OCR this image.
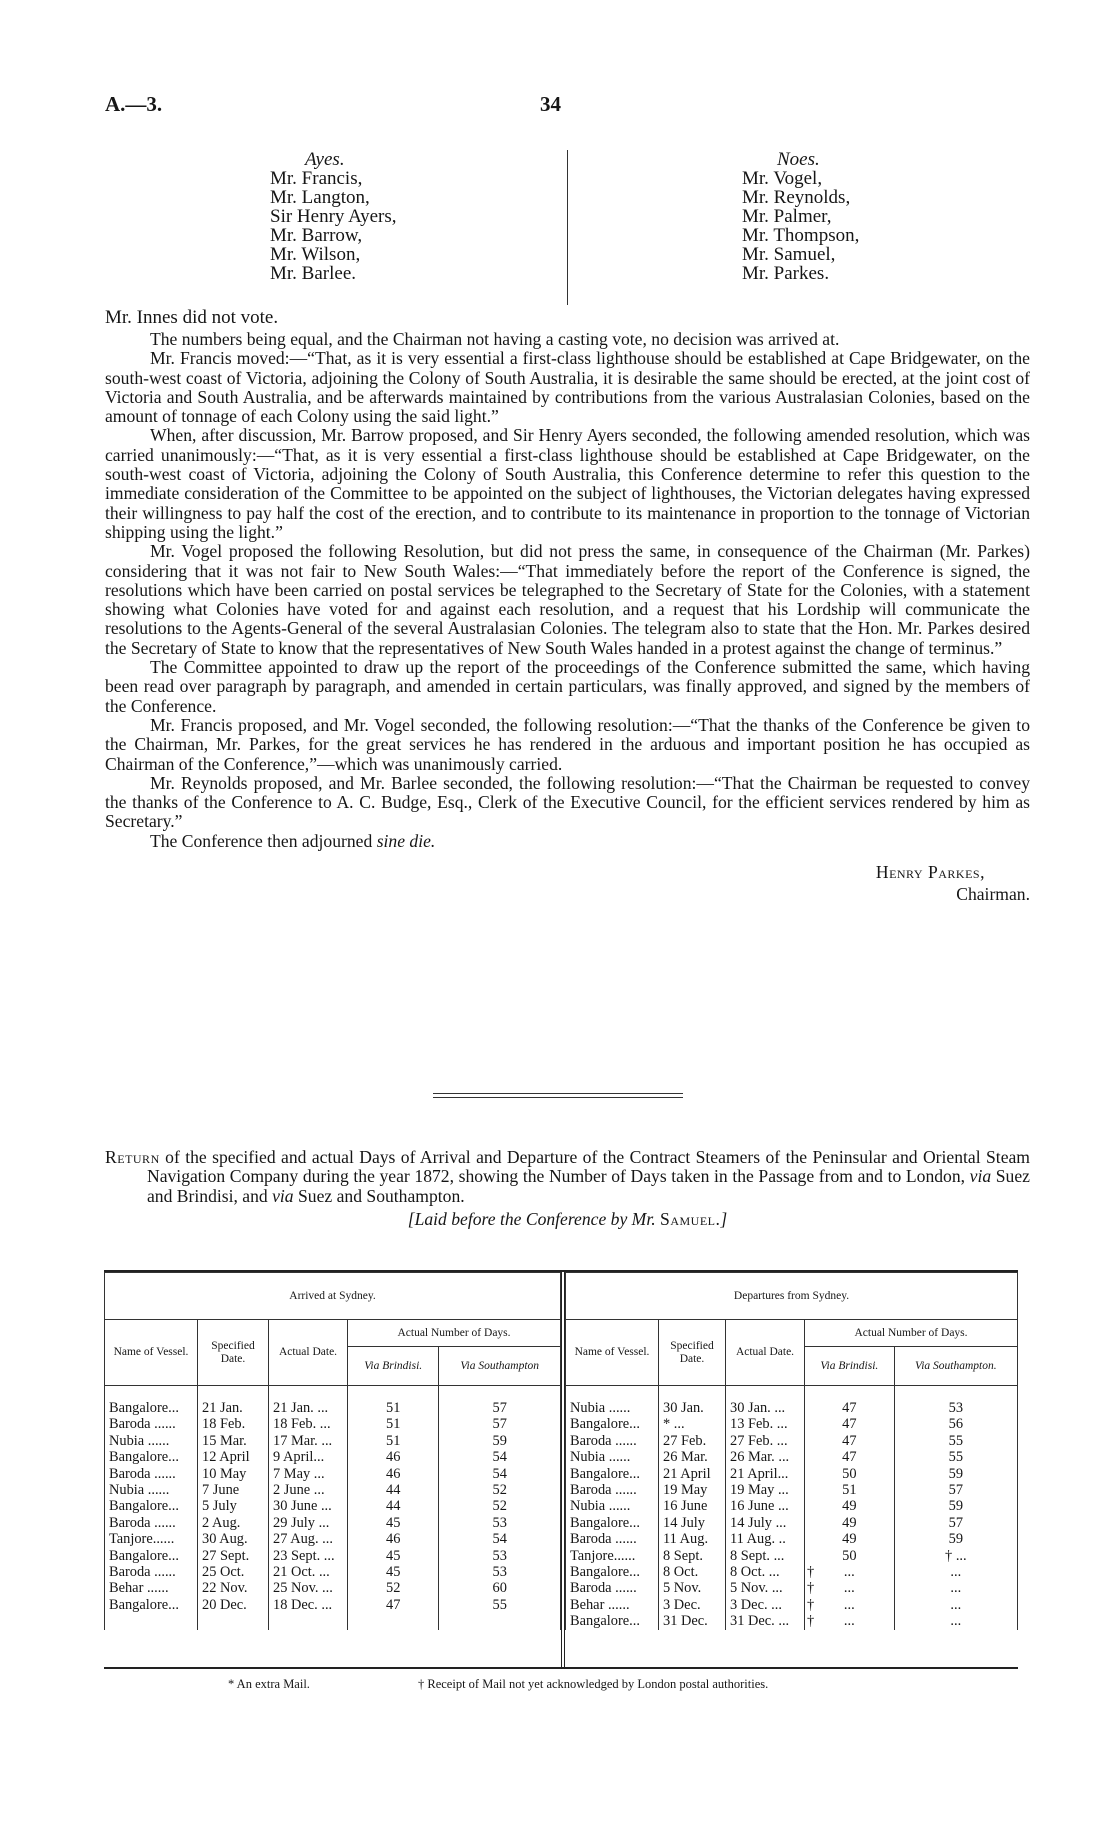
A.—3.	34
Ayes.
Mr. Francis,
Mr. Langton,
Sir Henry Ayers,
Mr. Barrow,
Mr. Wilson,
Mr. Barlee.
Noes.
Mr. Vogel,
Mr. Reynolds,
Mr. Palmer,
Mr. Thompson,
Mr. Samuel,
Mr. Parkes.
Mr. Innes did not vote.

The numbers being equal, and the Chairman not having a casting vote, no decision was arrived at.

Mr. Francis moved:—“That, as it is very essential a first-class lighthouse should be established at Cape Bridgewater, on the south-west coast of Victoria, adjoining the Colony of South Australia, it is desirable the same should be erected, at the joint cost of Victoria and South Australia, and be afterwards maintained by contributions from the various Australasian Colonies, based on the amount of tonnage of each Colony using the said light.”

When, after discussion, Mr. Barrow proposed, and Sir Henry Ayers seconded, the following amended resolution, which was carried unanimously:—“That, as it is very essential a first-class lighthouse should be established at Cape Bridgewater, on the south-west coast of Victoria, adjoining the Colony of South Australia, this Conference determine to refer this question to the immediate consideration of the Committee to be appointed on the subject of lighthouses, the Victorian delegates having expressed their willingness to pay half the cost of the erection, and to contribute to its maintenance in proportion to the tonnage of Victorian shipping using the light.”

Mr. Vogel proposed the following Resolution, but did not press the same, in consequence of the Chairman (Mr. Parkes) considering that it was not fair to New South Wales:—“That immediately before the report of the Conference is signed, the resolutions which have been carried on postal services be telegraphed to the Secretary of State for the Colonies, with a statement showing what Colonies have voted for and against each resolution, and a request that his Lordship will communicate the resolutions to the Agents-General of the several Australasian Colonies. The telegram also to state that the Hon. Mr. Parkes desired the Secretary of State to know that the representatives of New South Wales handed in a protest against the change of terminus.”

The Committee appointed to draw up the report of the proceedings of the Conference submitted the same, which having been read over paragraph by paragraph, and amended in certain particulars, was finally approved, and signed by the members of the Conference.

Mr. Francis proposed, and Mr. Vogel seconded, the following resolution:—“That the thanks of the Conference be given to the Chairman, Mr. Parkes, for the great services he has rendered in the arduous and important position he has occupied as Chairman of the Conference,”—which was unanimously carried.

Mr. Reynolds proposed, and Mr. Barlee seconded, the following resolution:—“That the Chairman be requested to convey the thanks of the Conference to A. C. Budge, Esq., Clerk of the Executive Council, for the efficient services rendered by him as Secretary.”

The Conference then adjourned sine die.

Henry Parkes,
Chairman.
Return of the specified and actual Days of Arrival and Departure of the Contract Steamers of the Peninsular and Oriental Steam Navigation Company during the year 1872, showing the Number of Days taken in the Passage from and to London, via Suez and Brindisi, and via Suez and Southampton.
[Laid before the Conference by Mr. Samuel.]
Arrived at Sydney.				
Name of Vessel.	Specified Date.	Actual Date.	Actual Number of Days.	
			Via Brindisi.	Via Southampton

Bangalore...	21 Jan.	21 Jan. ...	51	57
Baroda ......	18 Feb.	18 Feb. ...	51	57
Nubia ......	15 Mar.	17 Mar. ...	51	59
Bangalore...	12 April	9 April...	46	54
Baroda ......	10 May	7 May ...	46	54
Nubia ......	7 June	2 June ...	44	52
Bangalore...	5 July	30 June ...	44	52
Baroda ......	2 Aug.	29 July ...	45	53
Tanjore......	30 Aug.	27 Aug. ...	46	54
Bangalore...	27 Sept.	23 Sept. ...	45	53
Baroda ......	25 Oct.	21 Oct. ...	45	53
Behar ......	22 Nov.	25 Nov. ...	52	60
Bangalore...	20 Dec.	18 Dec. ...	47	55

Departures from Sydney.				
Name of Vessel.	Specified Date.	Actual Date.	Actual Number of Days.	
			Via Brindisi.	Via Southampton.

Nubia ......	30 Jan.	30 Jan. ...	47	53
Bangalore...	* ...	13 Feb. ...	47	56
Baroda ......	27 Feb.	27 Feb. ...	47	55
Nubia ......	26 Mar.	26 Mar. ...	47	55
Bangalore...	21 April	21 April...	50	59
Baroda ......	19 May	19 May ...	51	57
Nubia ......	16 June	16 June ...	49	59
Bangalore...	14 July	14 July ...	49	57
Baroda ......	11 Aug.	11 Aug. ..	49	59
Tanjore......	8 Sept.	8 Sept. ...	50	† ...
Bangalore...	8 Oct.	8 Oct. ...	† ...	...
Baroda ......	5 Nov.	5 Nov. ...	† ...	...
Behar ......	3 Dec.	3 Dec. ...	† ...	...
Bangalore...	31 Dec.	31 Dec. ...	† ...	...
* An extra Mail.	† Receipt of Mail not yet acknowledged by London postal authorities.
